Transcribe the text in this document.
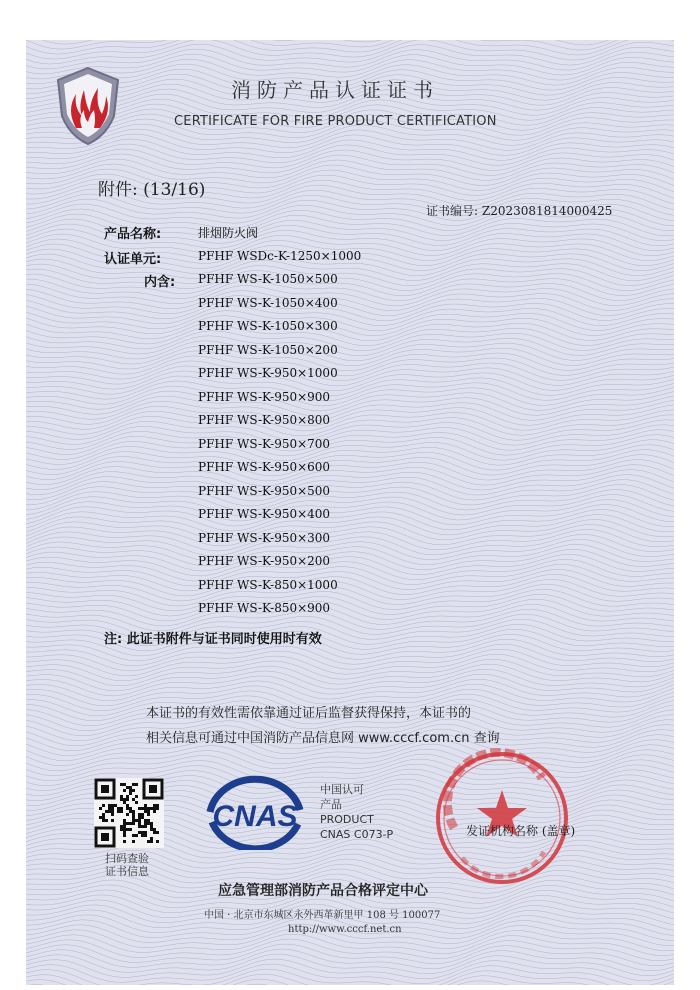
消防产品认证证书
CERTIFICATE FOR FIRE PRODUCT CERTIFICATION
附件: (13/16)
证书编号: Z2023081814000425
产品名称:	排烟防火阀
认证单元:	PFHF WSDc-K-1250×1000
内含: PFHF WS-K-1050×500
PFHF WS-K-1050×400
PFHF WS-K-1050×300
PFHF WS-K-1050×200
PFHF WS-K-950×1000
PFHF WS-K-950×900
PFHF WS-K-950×800
PFHF WS-K-950×700
PFHF WS-K-950×600
PFHF WS-K-950×500
PFHF WS-K-950×400
PFHF WS-K-950×300
PFHF WS-K-950×200
PFHF WS-K-850×1000
PFHF WS-K-850×900
注: 此证书附件与证书同时使用时有效
本证书的有效性需依靠通过证后监督获得保持，本证书的
相关信息可通过中国消防产品信息网 www.cccf.com.cn 查询
扫码查验 证书信息
CNAS
中国认可
产品
PRODUCT
CNAS C073-P	发证机构名称 (盖章)
应急管理部消防产品合格评定中心
中国 · 北京市东城区永外西革新里甲 108 号 100077
http://www.cccf.net.cn
